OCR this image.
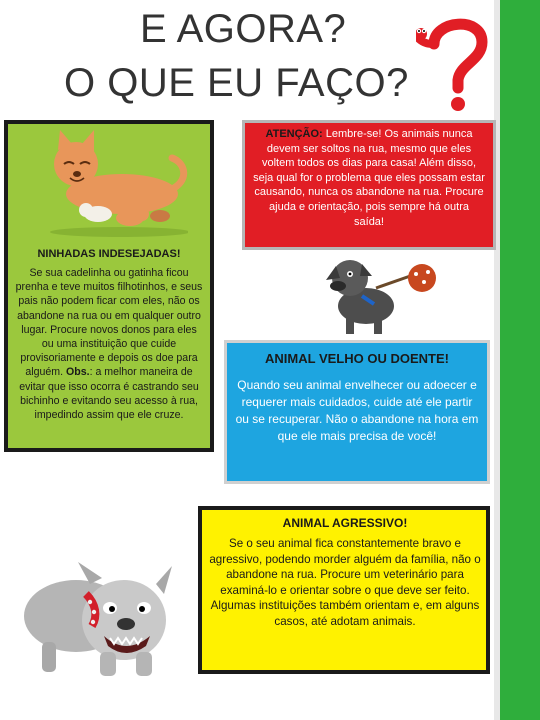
E AGORA?
O QUE EU FAÇO?
NINHADAS INDESEJADAS!
Se sua cadelinha ou gatinha ficou prenha e teve muitos filhotinhos, e seus pais não podem ficar com eles, não os abandone na rua ou em qualquer outro lugar. Procure novos donos para eles ou uma instituição que cuide provisoriamente e depois os doe para alguém. Obs.: a melhor maneira de evitar que isso ocorra é castrando seu bichinho e evitando seu acesso à rua, impedindo assim que ele cruze.
ATENÇÃO: Lembre-se! Os animais nunca devem ser soltos na rua, mesmo que eles voltem todos os dias para casa! Além disso, seja qual for o problema que eles possam estar causando, nunca os abandone na rua. Procure ajuda e orientação, pois sempre há outra saída!
ANIMAL VELHO OU DOENTE!
Quando seu animal envelhecer ou adoecer e requerer mais cuidados, cuide até ele partir ou se recuperar. Não o abandone na hora em que ele mais precisa de você!
ANIMAL AGRESSIVO!
Se o seu animal fica constantemente bravo e agressivo, podendo morder alguém da família, não o abandone na rua. Procure um veterinário para examiná-lo e orientar sobre o que deve ser feito. Algumas instituições também orientam e, em alguns casos, até adotam animais.
